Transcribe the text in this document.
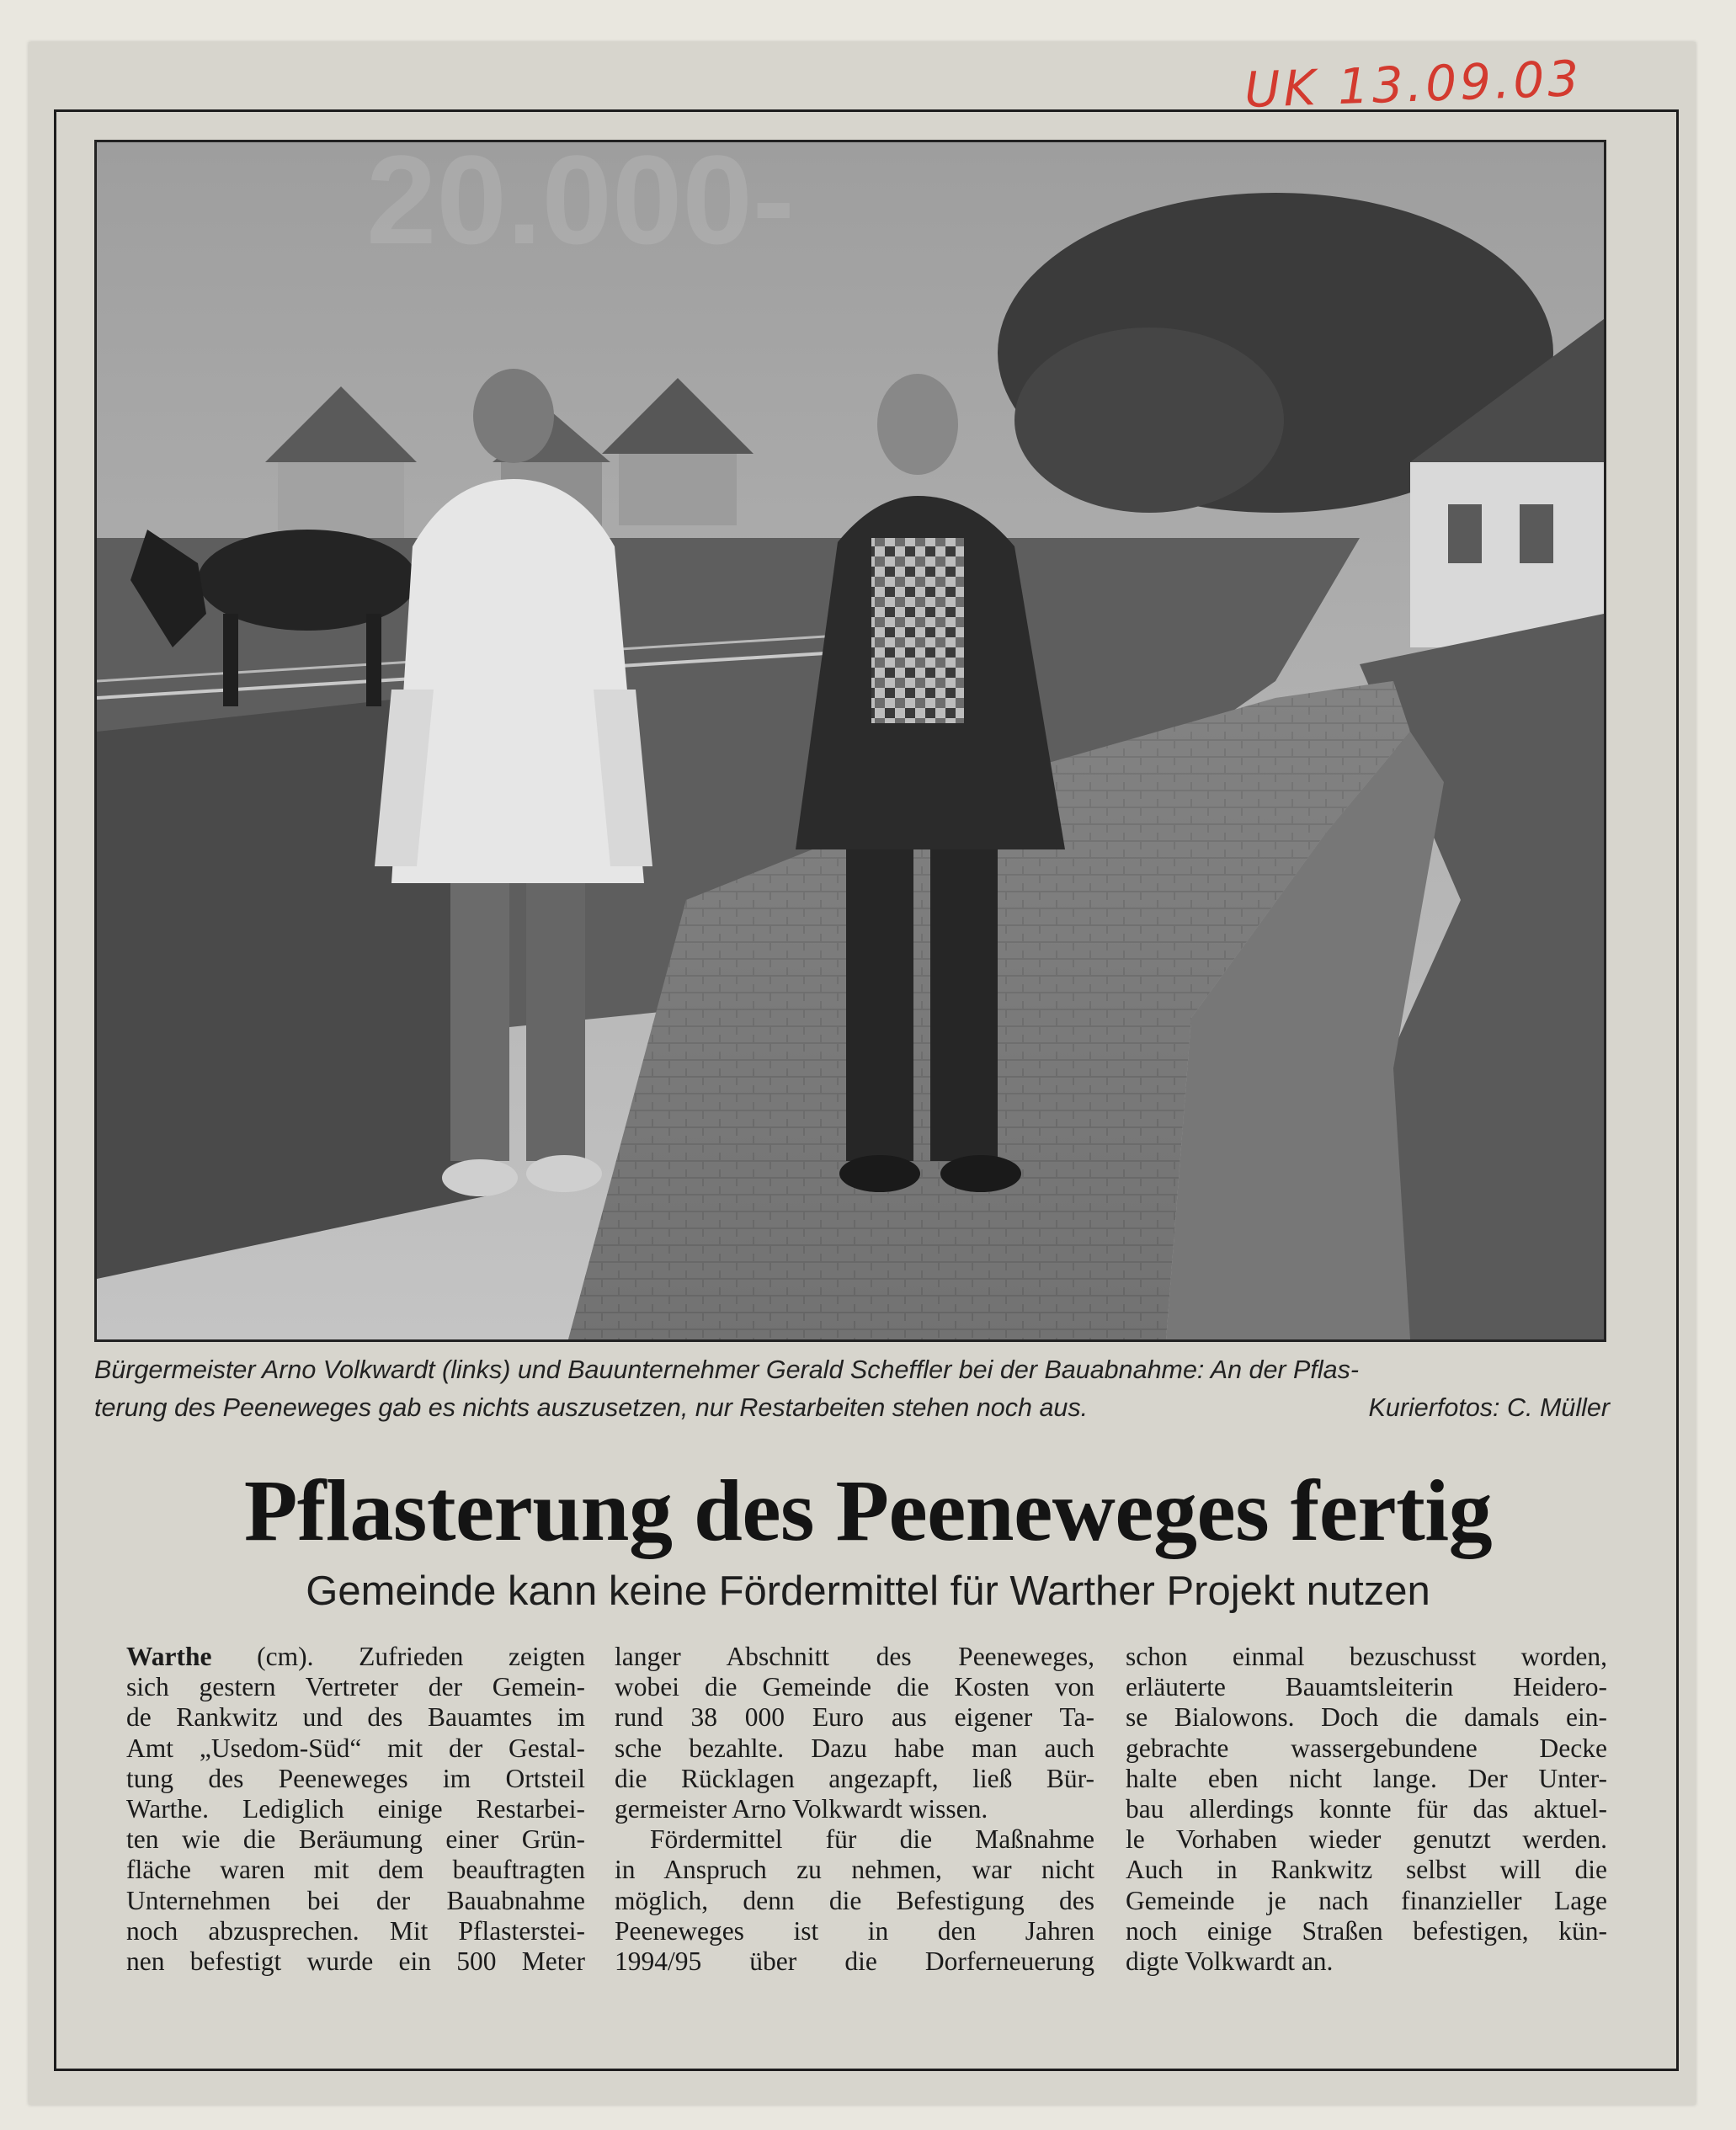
UK 13.09.03
20.000-
Bürgermeister Arno Volkwardt (links) und Bauunternehmer Gerald Scheffler bei der Bauabnahme: An der Pflas-
terung des Peeneweges gab es nichts auszusetzen, nur Restarbeiten stehen noch aus.	Kurierfotos: C. Müller
Pflasterung des Peeneweges fertig
Gemeinde kann keine Fördermittel für Warther Projekt nutzen
Warthe (cm). Zufrieden zeigten
sich gestern Vertreter der Gemein-
de Rankwitz und des Bauamtes im
Amt „Usedom-Süd“ mit der Gestal-
tung des Peeneweges im Ortsteil
Warthe. Lediglich einige Restarbei-
ten wie die Beräumung einer Grün-
fläche waren mit dem beauftragten
Unternehmen bei der Bauabnahme
noch abzusprechen. Mit Pflasterstei-
nen befestigt wurde ein 500 Meter
langer Abschnitt des Peeneweges,
wobei die Gemeinde die Kosten von
rund 38 000 Euro aus eigener Ta-
sche bezahlte. Dazu habe man auch
die Rücklagen angezapft, ließ Bür-
germeister Arno Volkwardt wissen.
Fördermittel für die Maßnahme
in Anspruch zu nehmen, war nicht
möglich, denn die Befestigung des
Peeneweges ist in den Jahren
1994/95 über die Dorferneuerung
schon einmal bezuschusst worden,
erläuterte Bauamtsleiterin Heidero-
se Bialowons. Doch die damals ein-
gebrachte wassergebundene Decke
halte eben nicht lange. Der Unter-
bau allerdings konnte für das aktuel-
le Vorhaben wieder genutzt werden.
Auch in Rankwitz selbst will die
Gemeinde je nach finanzieller Lage
noch einige Straßen befestigen, kün-
digte Volkwardt an.
